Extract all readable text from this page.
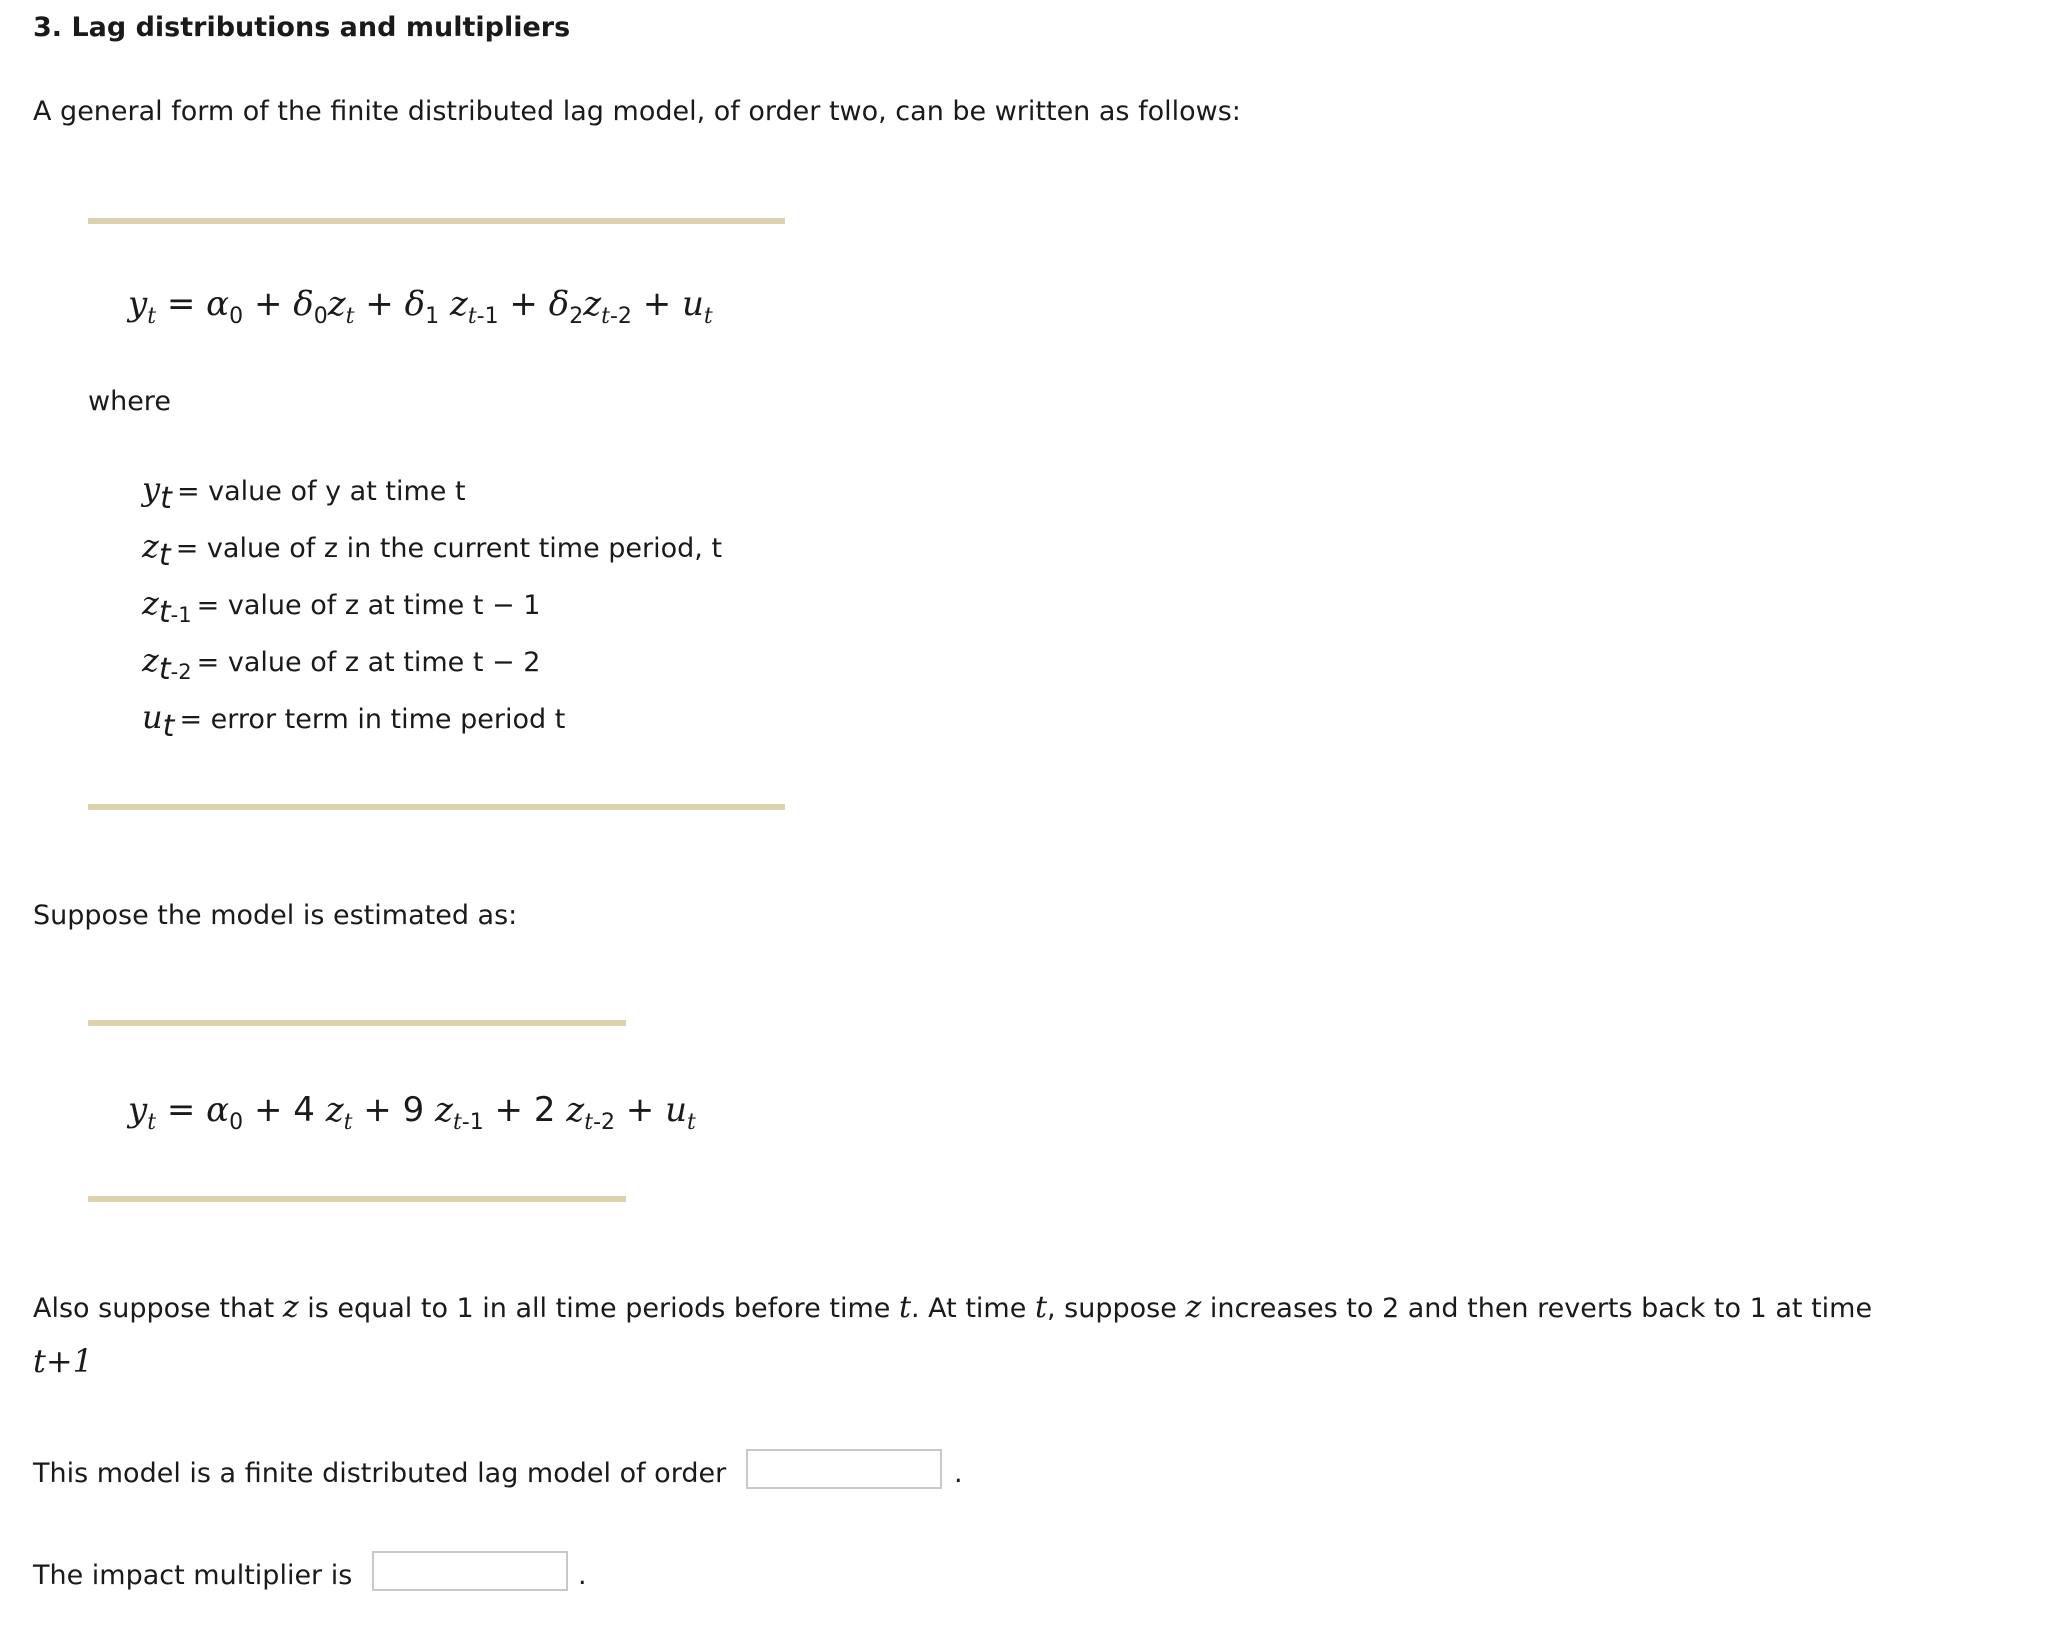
3. Lag distributions and multipliers
A general form of the finite distributed lag model, of order two, can be written as follows:
$y_t = \alpha_0 + \delta_0z_t + \delta_1$ $z_{t-1} + \delta_2z_{t-2} + u_t$
where
$y_t$ = value of y at time t
$z_t$ = value of z in the current time period, t
$z_{t-1}$ = value of z at time t − 1
$z_{t-2}$ = value of z at time t − 2
$u_t$ = error term in time period t
Suppose the model is estimated as:
$y_t = \alpha_0 + 4$ $z_t + 9$ $z_{t-1} + 2$ $z_{t-2} + u_t$
Also suppose that z is equal to 1 in all time periods before time t. At time t, suppose z increases to 2 and then reverts back to 1 at time
t+1
This model is a finite distributed lag model of order	.
The impact multiplier is	.
